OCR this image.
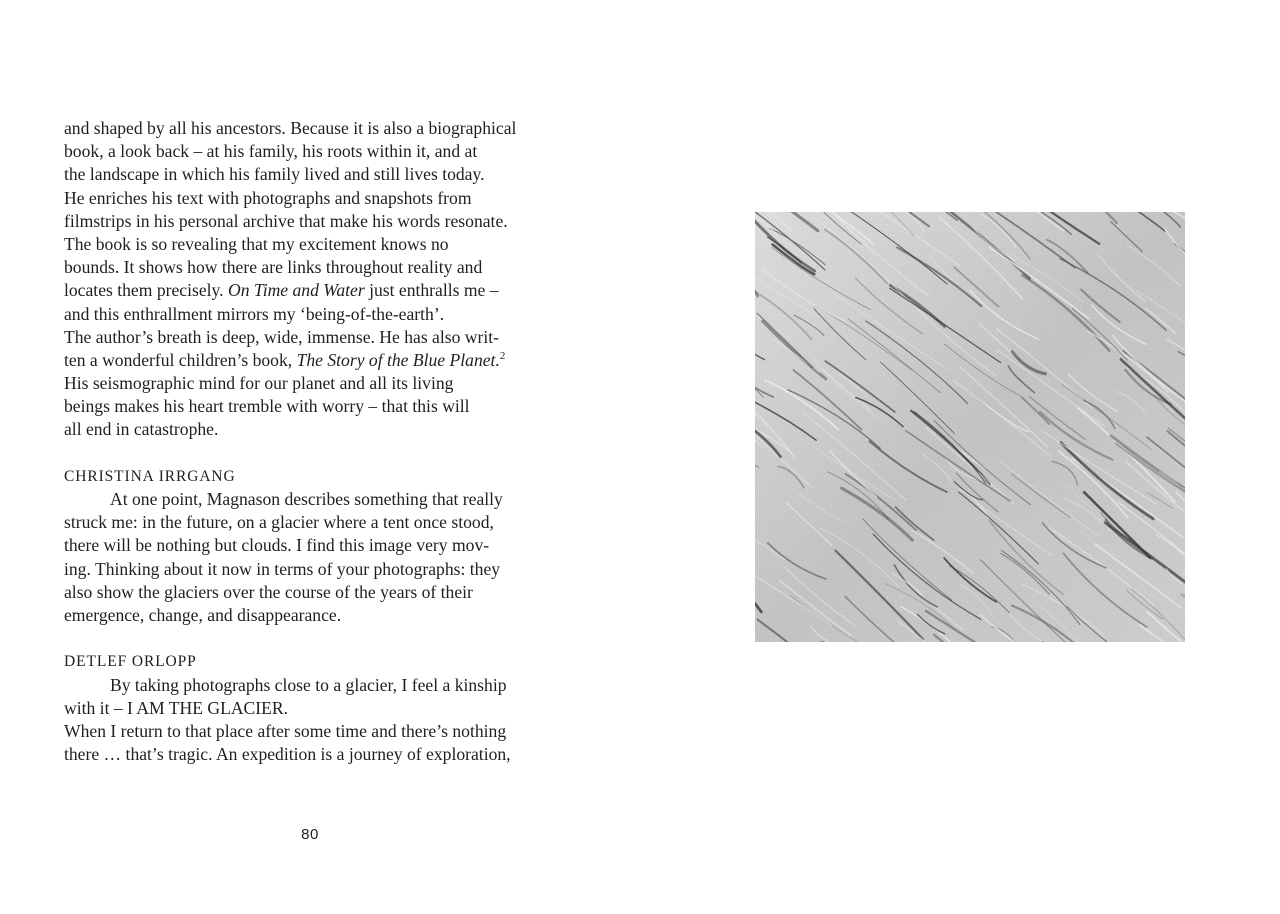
and shaped by all his ancestors. Because it is also a biographical
book, a look back – at his family, his roots within it, and at
the landscape in which his family lived and still lives today.
He enriches his text with photographs and snapshots from
filmstrips in his personal archive that make his words resonate.
The book is so revealing that my excitement knows no
bounds. It shows how there are links throughout reality and
locates them precisely. On Time and Water just enthralls me –
and this enthrallment mirrors my ‘being-of-the-earth’.
The author’s breath is deep, wide, immense. He has also writ-
ten a wonderful children’s book, The Story of the Blue Planet.$^2$
His seismographic mind for our planet and all its living
beings makes his heart tremble with worry – that this will
all end in catastrophe.
CHRISTINA IRRGANG
At one point, Magnason describes something that really
struck me: in the future, on a glacier where a tent once stood,
there will be nothing but clouds. I find this image very mov-
ing. Thinking about it now in terms of your photographs: they
also show the glaciers over the course of the years of their
emergence, change, and disappearance.
DETLEF ORLOPP
By taking photographs close to a glacier, I feel a kinship
with it – I AM THE GLACIER.
When I return to that place after some time and there’s nothing
there … that’s tragic. An expedition is a journey of exploration,
80
